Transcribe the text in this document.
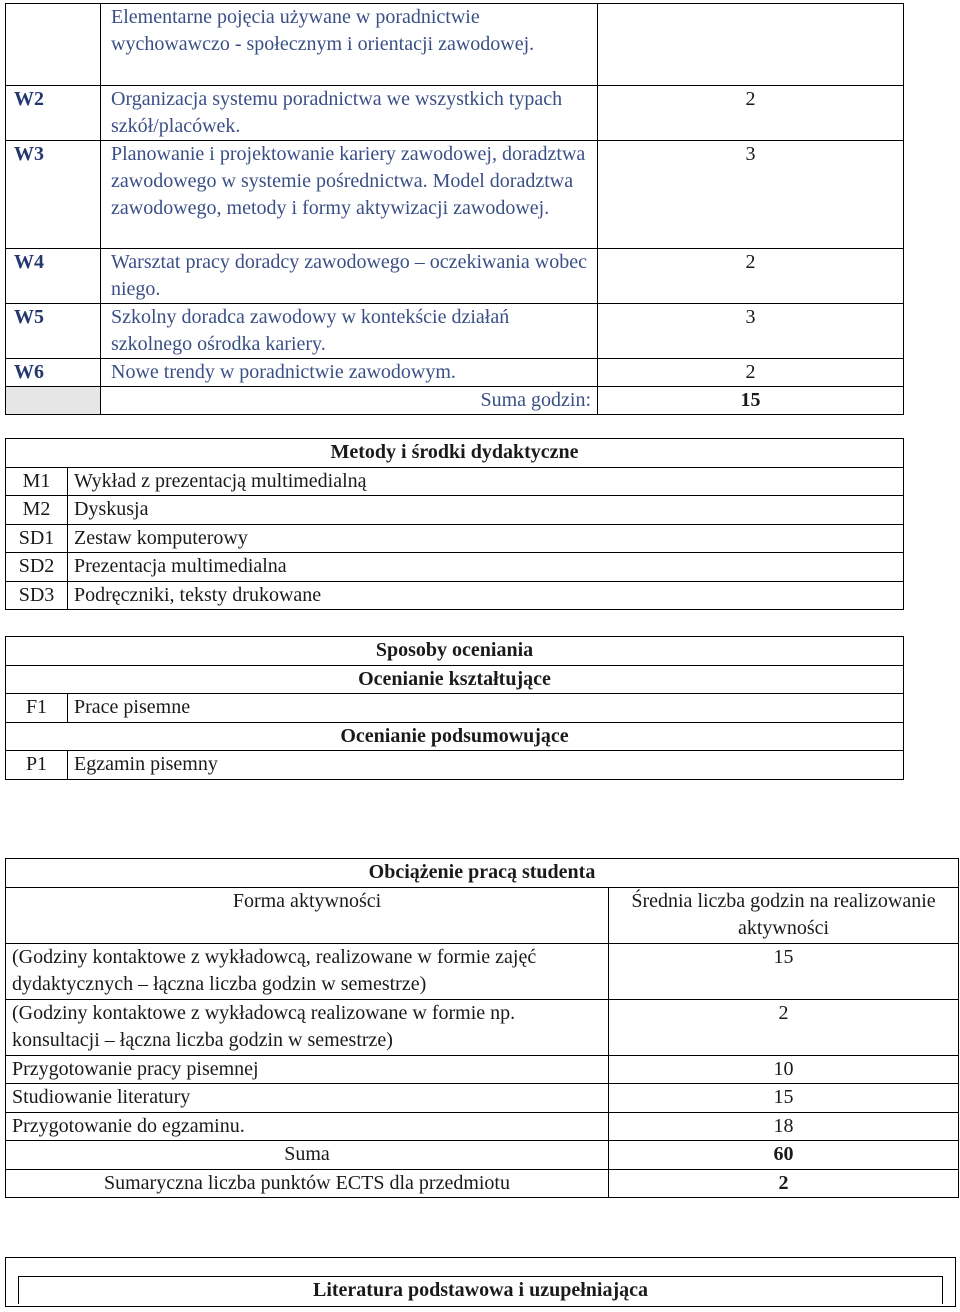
	Elementarne pojęcia używane w poradnictwie wychowawczo - społecznym i orientacji zawodowej.	
W2	Organizacja systemu poradnictwa we wszystkich typach szkół/placówek.	2
W3	Planowanie i projektowanie kariery zawodowej, doradztwa zawodowego w systemie pośrednictwa. Model doradztwa zawodowego, metody i formy aktywizacji zawodowej.	3
W4	Warsztat pracy doradcy zawodowego – oczekiwania wobec niego.	2
W5	Szkolny doradca zawodowy w kontekście działań szkolnego ośrodka kariery.	3
W6	Nowe trendy w poradnictwie zawodowym.	2
	Suma godzin:	15
Metody i środki dydaktyczne	
M1	Wykład z prezentacją multimedialną
M2	Dyskusja
SD1	Zestaw komputerowy
SD2	Prezentacja multimedialna
SD3	Podręczniki, teksty drukowane
Sposoby oceniania	
Ocenianie kształtujące	
F1	Prace pisemne
Ocenianie podsumowujące	
P1	Egzamin pisemny
Obciążenie pracą studenta	
Forma aktywności	Średnia liczba godzin na realizowanie aktywności
(Godziny kontaktowe z wykładowcą, realizowane w formie zajęć dydaktycznych – łączna liczba godzin w semestrze)	15
(Godziny kontaktowe z wykładowcą realizowane w formie np. konsultacji – łączna liczba godzin w semestrze)	2
Przygotowanie pracy pisemnej	10
Studiowanie literatury	15
Przygotowanie do egzaminu.	18
Suma	60
Sumaryczna liczba punktów ECTS dla przedmiotu	2
Literatura podstawowa i uzupełniająca
